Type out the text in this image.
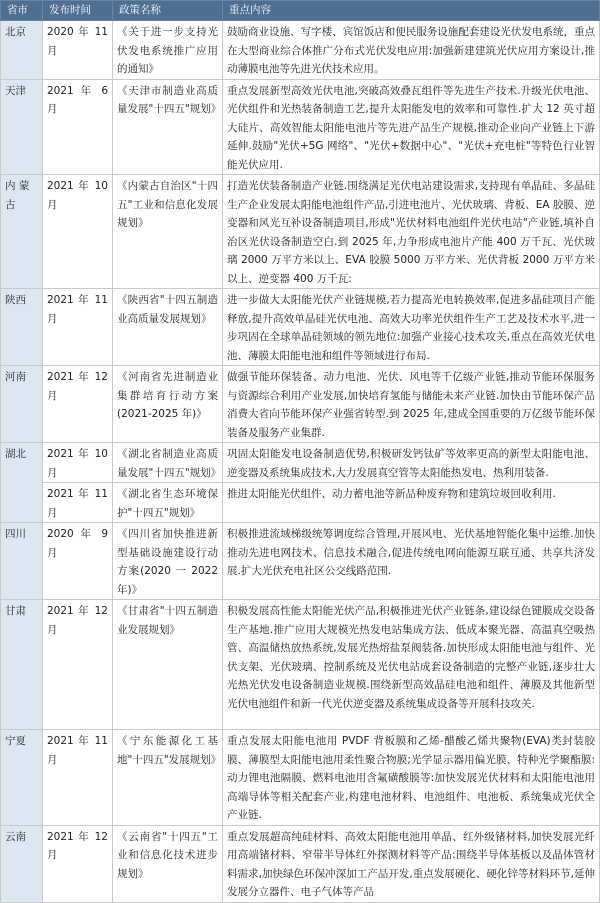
省市	发布时间	政策名称	重点内容
北京	2020 年 11 月	《关于进一步支持光伏发电系统推广应用的通知》	鼓励商业设施、写字楼、宾馆饭店和便民服务设施配套建设光伏发电系统，重点在大型商业综合体推广分布式光伏发电应用:加强新建建筑光伏应用方案设计,推动薄膜电池等先进光伏技术应用。
天津	2021 年 6 月	《天津市制造业高质量发展"十四五"规划》	重点发展新型高效光伏电池,突破高效叠瓦组件等先进生产技术.升级光伏电池、光伏组件和光热装备制造工艺,提升太阳能发电的效率和可靠性.扩大 12 英寸超大硅片、高效智能太阳能电池片等先进产品生产规模,推动企业向产业链上下游延伸.鼓励"光伏+5G 网络"、"光伏+数据中心"、"光伏+充电桩"等特色行业智能光伏应用.
内 蒙古	2021 年 10 月	《内蒙古自治区"十四五"工业和信息化发展规划》	打造光伏装备制造产业链.围绕满足光伏电站建设需求,支持现有单晶硅、多晶硅生产企业发展太阳能电池组件产品,引进电池片、光伏玻璃、背板、EA 胶膜、逆变器和风光互补设备制造项目,形成"光伏材料电池组件光伏电站"产业链,填补自治区光伏设备制造空白.到 2025 年,力争形成电池片产能 400 万千瓦、光伏玻璃 2000 万平方米以上、EVA 胶膜 5000 万平方米、光伏背板 2000 万平方米以上、逆变器 400 万千瓦:
陕西	2021 年 11 月	《陕西省"十四五制造业高质量发展规划》	进一步做大太阳能光伏产业链规模,若力提高光电转换效率,促进多晶硅项目产能释放,提升高效单晶硅光伏电池、高效大功率光伏组件生产工艺及技术水平,进一步巩固在全球单晶硅领域的领先地位:加强产业接心技术攻关,重点在高效光伏电池、薄膜太阳能电池和组件等领域进行布局.
河南	2021 年 12 月	《河南省先进制造业集群培育行动方案(2021-2025 年)》	做强节能环保装备、动力电池、光伏、风电等千亿级产业链,推动节能环保服务与资源综合利用产业发展,加快培育氢能与储能未来产业链.加快由节能环保产品消费大省向节能环保产业强省转型.到 2025 年,建成全国重要的万亿级节能环保装备及服务产业集群.
湖北	2021 年 10 月	《湖北省制造业高质量发展"十四五"规划》	巩固太阳能发电设备制造优势,积极研发钙钛矿等效率更高的新型太阳能电池、逆变器及系统集成技术,大力发展真空管等太阳能热发电、热利用装备.
	2021 年 11 月	《湖北省生态环境保护"十四五"规划》	推进太阳能光伏组件、动力蓄电池等新品种废弃物和建筑垃圾回收利用.
四川	2020 年 9 月	《四川省加快推进新型基础设施建设行动方案(2020 一 2022 年)》	积极推进流域梯级统筹调度综合管理,开展风电、光伏基地智能化集中运维.加快推动先进电网技术、信息技术融合,促进传统电网向能源互联互通、共享共济发展.扩大光伏充电社区公交线路范围.
甘肃	2021 年 12 月	《甘肃省"十四五制造业发展规划》	积极发展高性能太阳能光伏产品,积极推进光伏产业链条,建设绿色键膜成交设备生产基地.推广应用大规模光热发电站集成方法、低成本聚光器、高温真空吸热管、高温储热放热系统,发展光热熔盐泵阀装备.加快形成太阳能电池与组件、光伏支架、光伏玻璃、控制系统及光伏电站成套设备制造的完整产业链,逐步壮大光热光伏发电设备制造业规模.围绕新型高效晶硅电池和组件、薄膜及其他新型光伏电池组件和新一代光伏逆变器及系统集成设备等开展科技攻关.
宁夏	2021 年 11 月	《宁东能源化工基地"十四五"发展规划》	重点发展太阳能电池用 PVDF 背板膜和乙烯-醋酸乙烯共聚物(EVA)类封装胶膜、薄膜型太阳能电池用柔性聚合物膜;光学显示器用偏光膜、特种光学聚酯膜:动力锂电池隔膜、燃料电池用含氟磺酸膜等:加快发展光伏材料和太阳能电池用高端导体等相关配套产业,构建电池材料、电池组件、电池板、系统集成光伏全产业链.
云南	2021 年 12 月	《云南省"十四五"工业和信息化技术进步规划》	重点发展超高纯硅材料、高效太阳能电池用单晶、红外级锗材料,加快发展光纤用高端锗材料、窄带半导体红外探测材料等产品:围绕半导体基板以及晶体管材料需求,加快绿色环保冲深加工产品开发,重点发展硬化、硬化锌等材料环节,延伸发展分立器件、电子气体等产品
